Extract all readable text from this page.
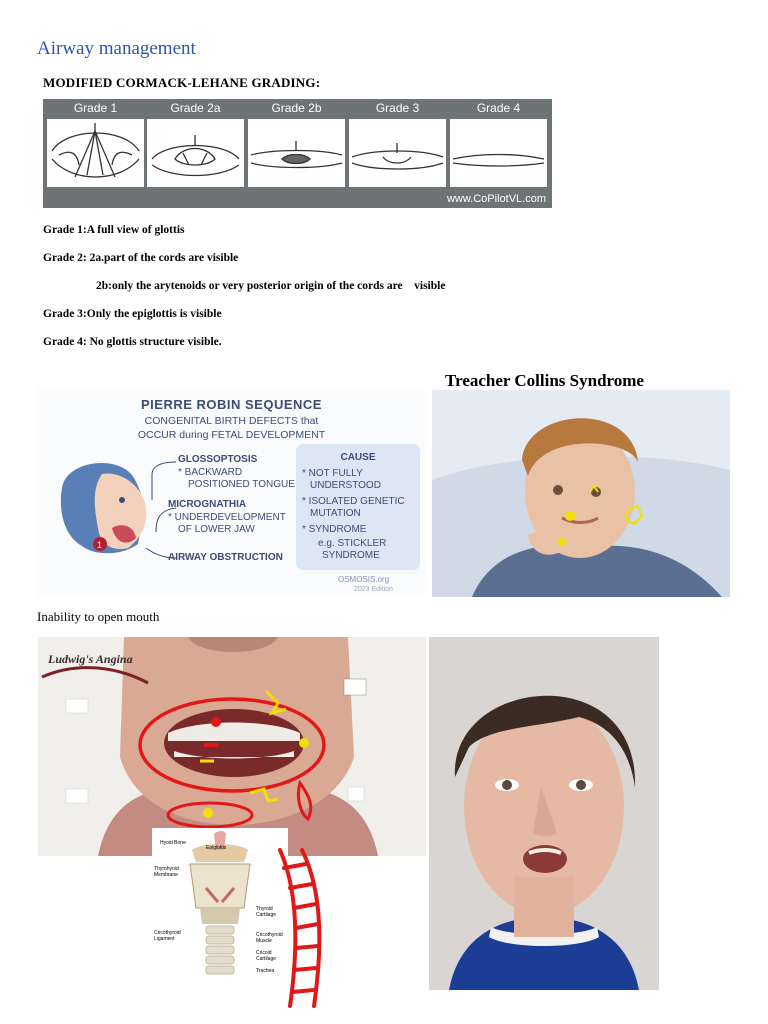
Airway management
MODIFIED CORMACK-LEHANE GRADING:
Grade 1	Grade 2a	Grade 2b	Grade 3	Grade 4
www.CoPilotVL.com
Grade 1:A full view of glottis
Grade 2: 2a.part of the cords are visible
2b:only the arytenoids or very posterior origin of the cords are    visible
Grade 3:Only the epiglottis is visible
Grade 4: No glottis structure visible.
PIERRE ROBIN SEQUENCE
CONGENITAL BIRTH DEFECTS that
OCCUR during FETAL DEVELOPMENT
1
GLOSSOPTOSIS
* BACKWARD
POSITIONED TONGUE
MICROGNATHIA
* UNDERDEVELOPMENT
OF LOWER JAW
AIRWAY OBSTRUCTION
CAUSE
* NOT FULLY
UNDERSTOOD
* ISOLATED GENETIC
MUTATION
* SYNDROME
e.g. STICKLER
SYNDROME
OSMOSIS.org
2023 Edition
Treacher Collins Syndrome
Inability to open mouth
Ludwig's Angina
Hyoid Bone
Epiglottis
Thyrohyoid Membrane
Thyroid Cartilage
Cricothyroid Ligament
Cricothyroid Muscle
Cricoid Cartilage
Trachea
